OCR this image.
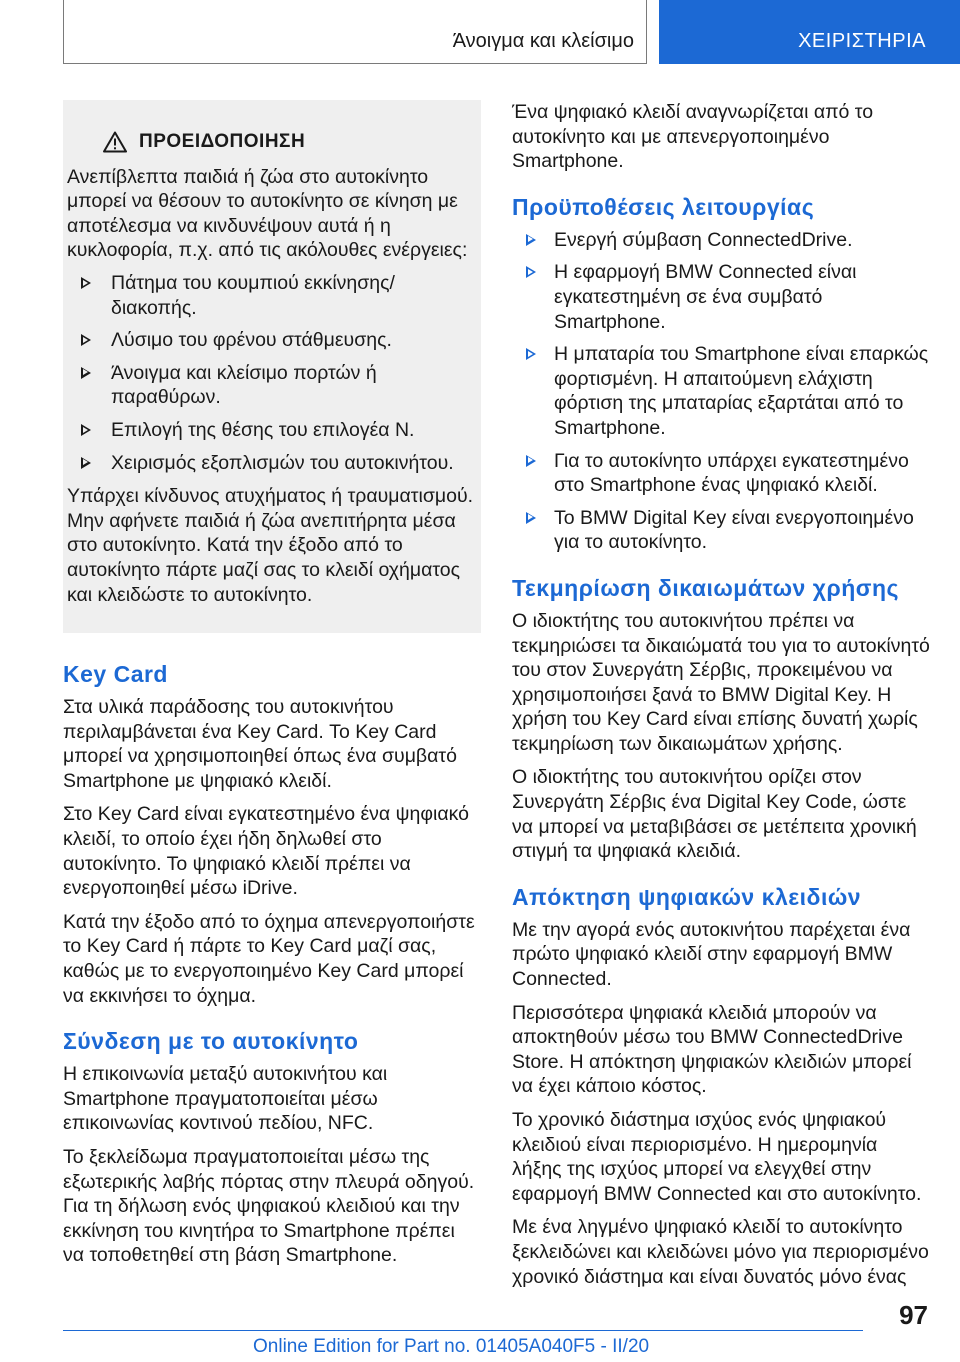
Άνοιγμα και κλείσιμο	ΧΕΙΡΙΣΤΗΡΙΑ
ΠΡΟΕΙΔΟΠΟΙΗΣΗ

Ανεπίβλεπτα παιδιά ή ζώα στο αυτοκίνητο μπορεί να θέσουν το αυτοκίνητο σε κίνηση με αποτέλεσμα να κινδυνέψουν αυτά ή η κυκλοφορία, π.χ. από τις ακόλουθες ενέργειες:

Πάτημα του κουμπιού εκκίνησης/διακοπής.
Λύσιμο του φρένου στάθμευσης.
Άνοιγμα και κλείσιμο πορτών ή παραθύρων.
Επιλογή της θέσης του επιλογέα N.
Χειρισμός εξοπλισμών του αυτοκινήτου.

Υπάρχει κίνδυνος ατυχήματος ή τραυματισμού. Μην αφήνετε παιδιά ή ζώα ανεπιτήρητα μέσα στο αυτοκίνητο. Κατά την έξοδο από το αυτοκίνητο πάρτε μαζί σας το κλειδί οχήματος και κλειδώστε το αυτοκίνητο.

Key Card

Στα υλικά παράδοσης του αυτοκινήτου περιλαμβάνεται ένα Key Card. Το Key Card μπορεί να χρησιμοποιηθεί όπως ένα συμβατό Smartphone με ψηφιακό κλειδί.

Στο Key Card είναι εγκατεστημένο ένα ψηφιακό κλειδί, το οποίο έχει ήδη δηλωθεί στο αυτοκίνητο. Το ψηφιακό κλειδί πρέπει να ενεργοποιηθεί μέσω iDrive.

Κατά την έξοδο από το όχημα απενεργοποιήστε το Key Card ή πάρτε το Key Card μαζί σας, καθώς με το ενεργοποιημένο Key Card μπορεί να εκκινήσει το όχημα.

Σύνδεση με το αυτοκίνητο

Η επικοινωνία μεταξύ αυτοκινήτου και Smartphone πραγματοποιείται μέσω επικοινωνίας κοντινού πεδίου, NFC.

Το ξεκλείδωμα πραγματοποιείται μέσω της εξωτερικής λαβής πόρτας στην πλευρά οδηγού. Για τη δήλωση ενός ψηφιακού κλειδιού και την εκκίνηση του κινητήρα το Smartphone πρέπει να τοποθετηθεί στη βάση Smartphone.

Ένα ψηφιακό κλειδί αναγνωρίζεται από το αυτοκίνητο και με απενεργοποιημένο Smartphone.

Προϋποθέσεις λειτουργίας
Ενεργή σύμβαση ConnectedDrive.
Η εφαρμογή BMW Connected είναι εγκατεστημένη σε ένα συμβατό Smartphone.
Η μπαταρία του Smartphone είναι επαρκώς φορτισμένη. Η απαιτούμενη ελάχιστη φόρτιση της μπαταρίας εξαρτάται από το Smartphone.
Για το αυτοκίνητο υπάρχει εγκατεστημένο στο Smartphone ένας ψηφιακό κλειδί.
Το BMW Digital Key είναι ενεργοποιημένο για το αυτοκίνητο.
Τεκμηρίωση δικαιωμάτων χρήσης

Ο ιδιοκτήτης του αυτοκινήτου πρέπει να τεκμηριώσει τα δικαιώματά του για το αυτοκίνητό του στον Συνεργάτη Σέρβις, προκειμένου να χρησιμοποιήσει ξανά το BMW Digital Key. Η χρήση του Key Card είναι επίσης δυνατή χωρίς τεκμηρίωση των δικαιωμάτων χρήσης.

Ο ιδιοκτήτης του αυτοκινήτου ορίζει στον Συνεργάτη Σέρβις ένα Digital Key Code, ώστε να μπορεί να μεταβιβάσει σε μετέπειτα χρονική στιγμή τα ψηφιακά κλειδιά.

Απόκτηση ψηφιακών κλειδιών

Με την αγορά ενός αυτοκινήτου παρέχεται ένα πρώτο ψηφιακό κλειδί στην εφαρμογή BMW Connected.

Περισσότερα ψηφιακά κλειδιά μπορούν να αποκτηθούν μέσω του BMW ConnectedDrive Store. Η απόκτηση ψηφιακών κλειδιών μπορεί να έχει κάποιο κόστος.

Το χρονικό διάστημα ισχύος ενός ψηφιακού κλειδιού είναι περιορισμένο. Η ημερομηνία λήξης της ισχύος μπορεί να ελεγχθεί στην εφαρμογή BMW Connected και στο αυτοκίνητο.

Με ένα ληγμένο ψηφιακό κλειδί το αυτοκίνητο ξεκλειδώνει και κλειδώνει μόνο για περιορισμένο χρονικό διάστημα και είναι δυνατός μόνο ένας

97
Online Edition for Part no. 01405A040F5 - II/20
